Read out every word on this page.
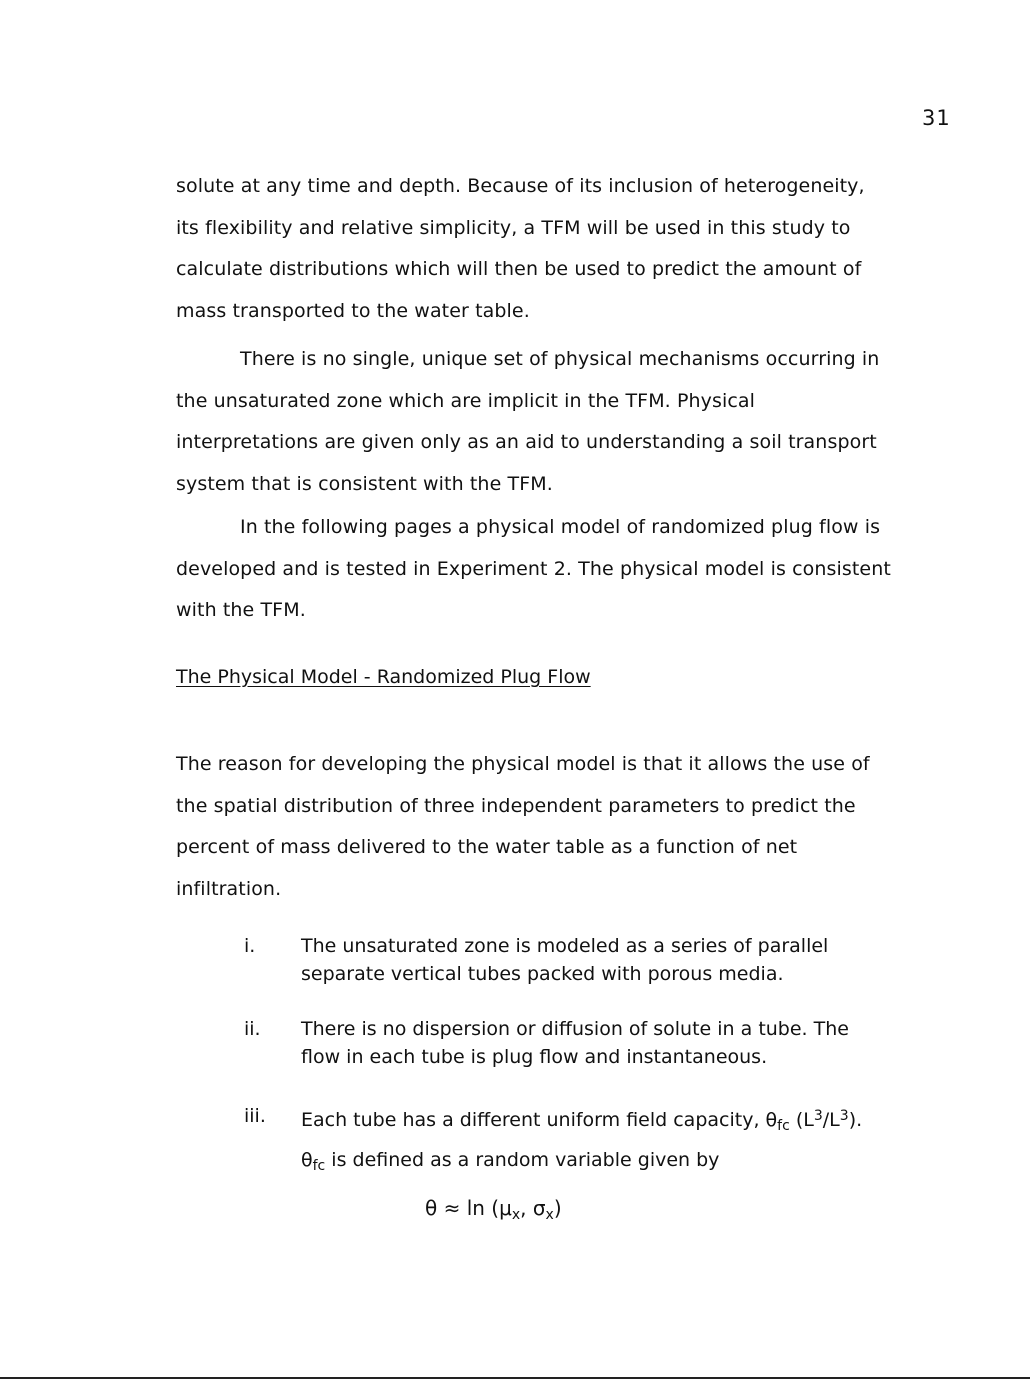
31

solute at any time and depth. Because of its inclusion of heterogeneity,
its flexibility and relative simplicity, a TFM will be used in this study to
calculate distributions which will then be used to predict the amount of
mass transported to the water table.

There is no single, unique set of physical mechanisms occurring in
the unsaturated zone which are implicit in the TFM. Physical
interpretations are given only as an aid to understanding a soil transport
system that is consistent with the TFM.

In the following pages a physical model of randomized plug flow is
developed and is tested in Experiment 2. The physical model is consistent
with the TFM.

The Physical Model - Randomized Plug Flow

The reason for developing the physical model is that it allows the use of
the spatial distribution of three independent parameters to predict the
percent of mass delivered to the water table as a function of net
infiltration.

i.	The unsaturated zone is modeled as a series of parallel
separate vertical tubes packed with porous media.
ii.	There is no dispersion or diffusion of solute in a tube. The
flow in each tube is plug flow and instantaneous.
iii.	Each tube has a different uniform field capacity, $\theta_{fc}$ $(L^3/L^3)$.
$\theta_{fc}$ is defined as a random variable given by
$\theta \approx \ln (\mu_x$, $\sigma_x$)
